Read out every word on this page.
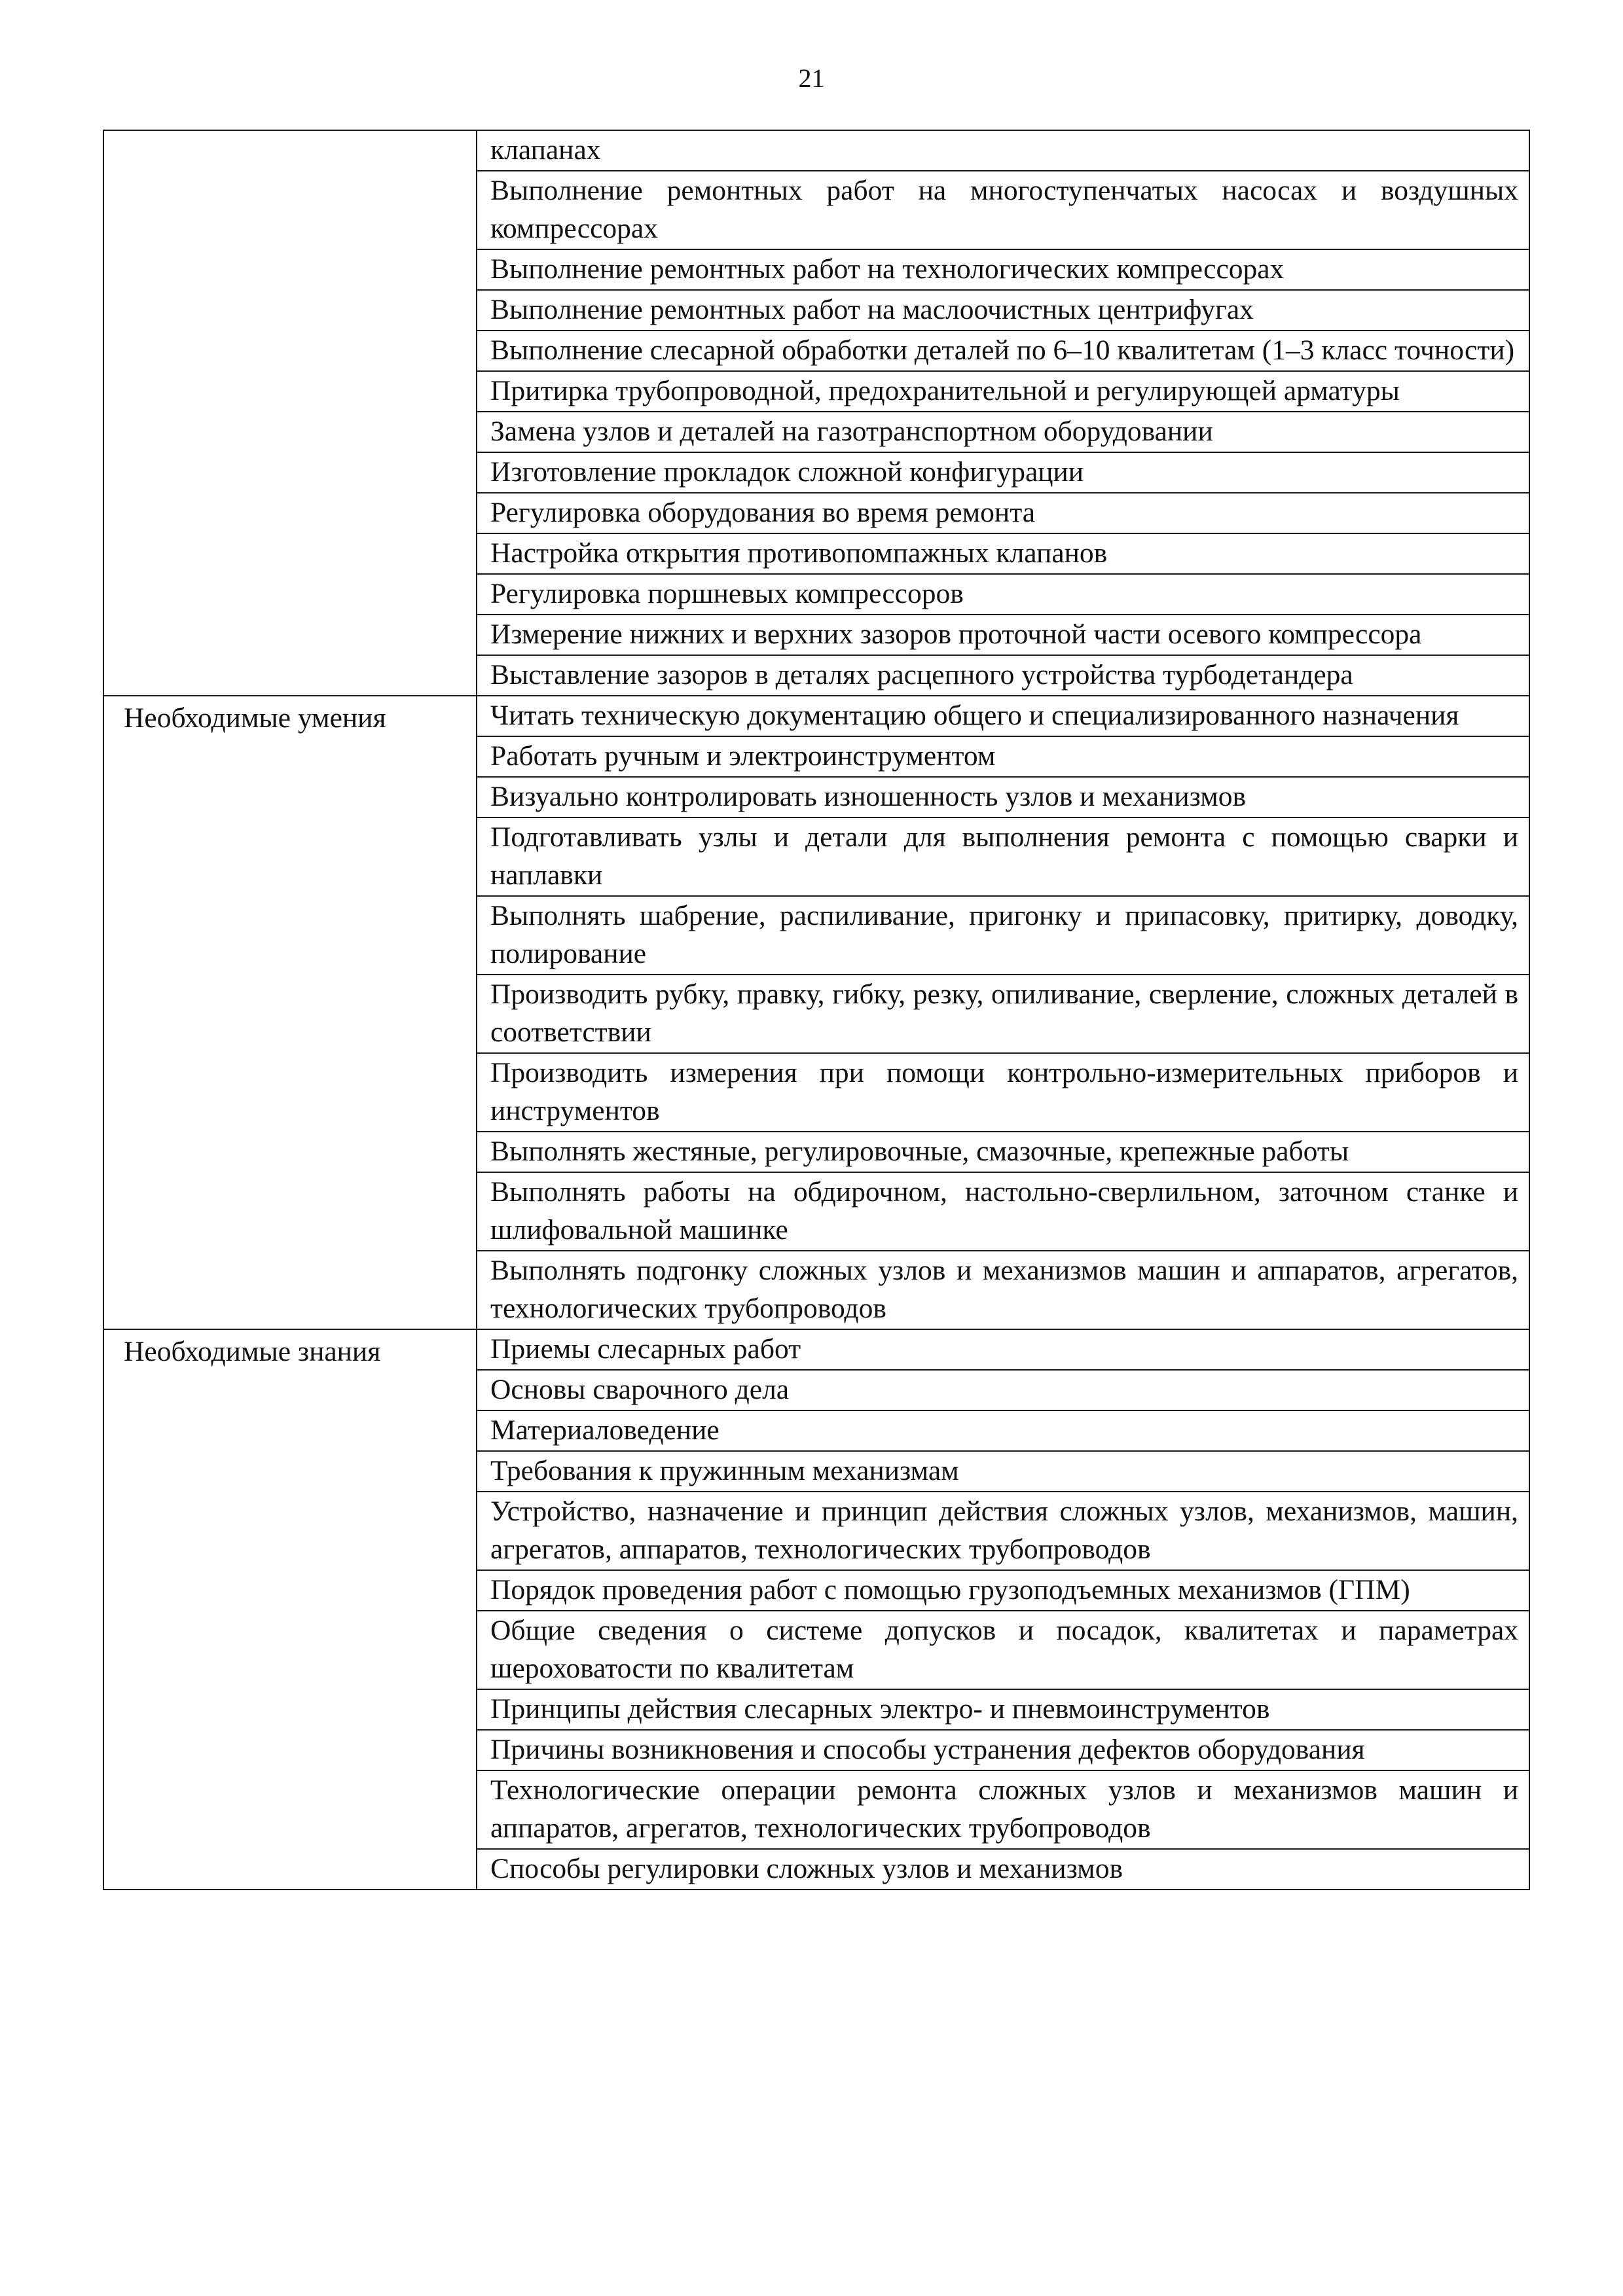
21
	клапанах
	Выполнение ремонтных работ на многоступенчатых насосах и воздушных компрессорах
	Выполнение ремонтных работ на технологических компрессорах
	Выполнение ремонтных работ на маслоочистных центрифугах
	Выполнение слесарной обработки деталей по 6–10 квалитетам (1–3 класс точности)
	Притирка трубопроводной, предохранительной и регулирующей арматуры
	Замена узлов и деталей на газотранспортном оборудовании
	Изготовление прокладок сложной конфигурации
	Регулировка оборудования во время ремонта
	Настройка открытия противопомпажных клапанов
	Регулировка поршневых компрессоров
	Измерение нижних и верхних зазоров проточной части осевого компрессора
	Выставление зазоров в деталях расцепного устройства турбодетандера
Необходимые умения	Читать техническую документацию общего и специализированного назначения
	Работать ручным и электроинструментом
	Визуально контролировать изношенность узлов и механизмов
	Подготавливать узлы и детали для выполнения ремонта с помощью сварки и наплавки
	Выполнять шабрение, распиливание, пригонку и припасовку, притирку, доводку, полирование
	Производить рубку, правку, гибку, резку, опиливание, сверление, сложных деталей в соответствии
	Производить измерения при помощи контрольно-измерительных приборов и инструментов
	Выполнять жестяные, регулировочные, смазочные, крепежные работы
	Выполнять работы на обдирочном, настольно-сверлильном, заточном станке и шлифовальной машинке
	Выполнять подгонку сложных узлов и механизмов машин и аппаратов, агрегатов, технологических трубопроводов
Необходимые знания	Приемы слесарных работ
	Основы сварочного дела
	Материаловедение
	Требования к пружинным механизмам
	Устройство, назначение и принцип действия сложных узлов, механизмов, машин, агрегатов, аппаратов, технологических трубопроводов
	Порядок проведения работ с помощью грузоподъемных механизмов (ГПМ)
	Общие сведения о системе допусков и посадок, квалитетах и параметрах шероховатости по квалитетам
	Принципы действия слесарных электро- и пневмоинструментов
	Причины возникновения и способы устранения дефектов оборудования
	Технологические операции ремонта сложных узлов и механизмов машин и аппаратов, агрегатов, технологических трубопроводов
	Способы регулировки сложных узлов и механизмов
